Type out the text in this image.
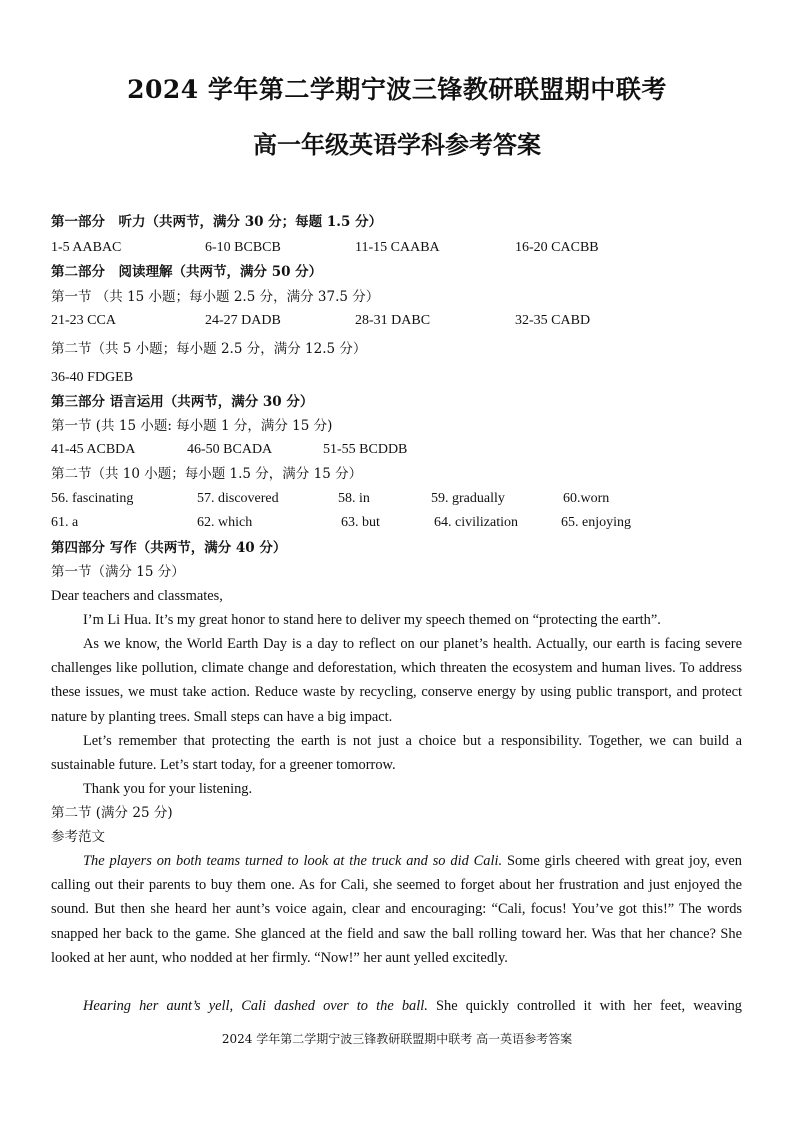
2024 学年第二学期宁波三锋教研联盟期中联考
高一年级英语学科参考答案
第一部分　听力（共两节，满分 30 分；每题 1.5 分）
1-5 AABAC	6-10 BCBCB	11-15 CAABA	16-20 CACBB
第二部分　阅读理解（共两节，满分 50 分）
第一节 （共 15 小题；每小题 2.5 分，满分 37.5 分）
21-23 CCA	24-27 DADB	28-31 DABC	32-35 CABD
第二节（共 5 小题；每小题 2.5 分，满分 12.5 分）
36-40 FDGEB
第三部分 语言运用（共两节，满分 30 分）
第一节 (共 15 小题: 每小题 1 分，满分 15 分)
41-45 ACBDA	46-50 BCADA	51-55 BCDDB
第二节（共 10 小题；每小题 1.5 分，满分 15 分）
56. fascinating	57. discovered	58. in	59. gradually	60.worn
61. a	62. which	63. but	64. civilization	65. enjoying
第四部分 写作（共两节，满分 40 分）
第一节（满分 15 分）
Dear teachers and classmates,

I’m Li Hua. It’s my great honor to stand here to deliver my speech themed on “protecting the earth”.

As we know, the World Earth Day is a day to reflect on our planet’s health. Actually, our earth is facing severe challenges like pollution, climate change and deforestation, which threaten the ecosystem and human lives. To address these issues, we must take action. Reduce waste by recycling, conserve energy by using public transport, and protect nature by planting trees. Small steps can have a big impact.

Let’s remember that protecting the earth is not just a choice but a responsibility. Together, we can build a sustainable future. Let’s start today, for a greener tomorrow.

Thank you for your listening.

第二节 (满分 25 分)
参考范文

The players on both teams turned to look at the truck and so did Cali. Some girls cheered with great joy, even calling out their parents to buy them one. As for Cali, she seemed to forget about her frustration and just enjoyed the sound. But then she heard her aunt’s voice again, clear and encouraging: “Cali, focus! You’ve got this!” The words snapped her back to the game. She glanced at the field and saw the ball rolling toward her. Was that her chance? She looked at her aunt, who nodded at her firmly. “Now!” her aunt yelled excitedly.

Hearing her aunt’s yell, Cali dashed over to the ball. She quickly controlled it with her feet, weaving

2024 学年第二学期宁波三锋教研联盟期中联考 高一英语参考答案
